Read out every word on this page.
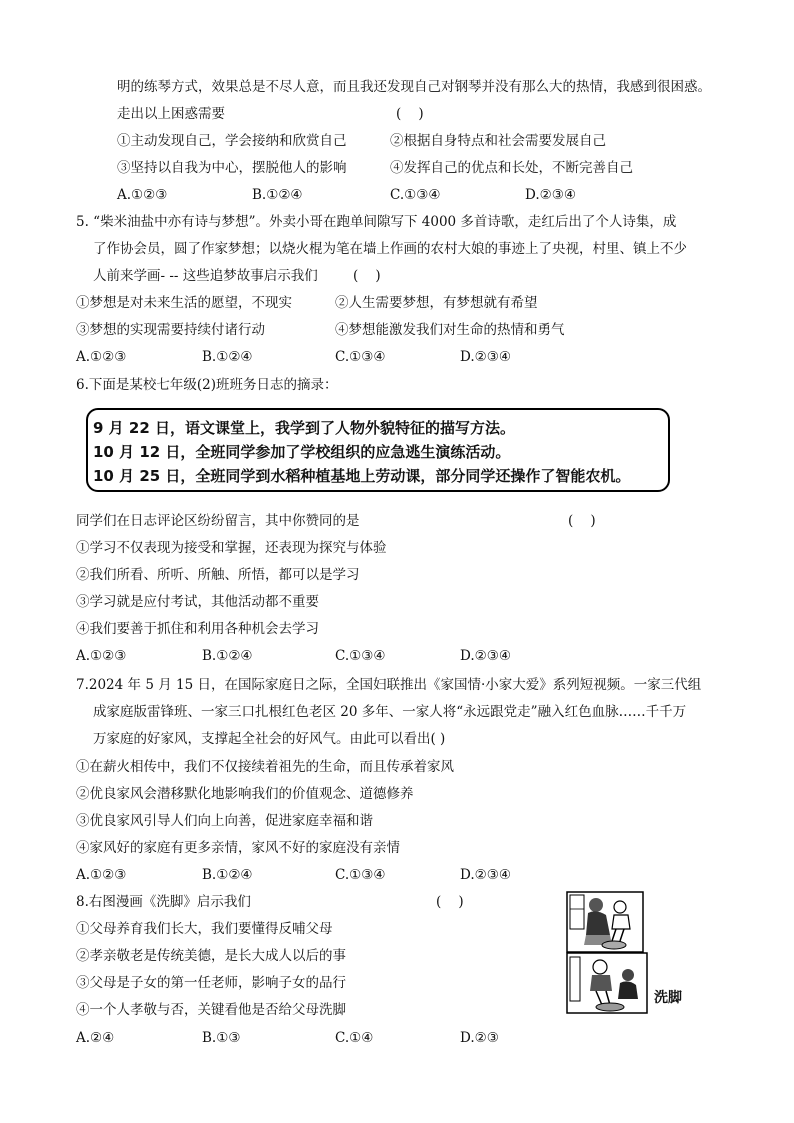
明的练琴方式，效果总是不尽人意，而且我还发现自己对钢琴并没有那么大的热情，我感到很困惑。
走出以上困惑需要	(    )
①主动发现自己，学会接纳和欣赏自己	②根据自身特点和社会需要发展自己
③坚持以自我为中心，摆脱他人的影响	④发挥自己的优点和长处，不断完善自己
A.①②③	B.①②④	C.①③④	D.②③④
5. “柴米油盐中亦有诗与梦想”。外卖小哥在跑单间隙写下 4000 多首诗歌，走红后出了个人诗集，成
了作协会员，圆了作家梦想；以烧火棍为笔在墙上作画的农村大娘的事迹上了央视，村里、镇上不少
人前来学画- -- 这些追梦故事启示我们	(    )
①梦想是对未来生活的愿望，不现实	②人生需要梦想，有梦想就有希望
③梦想的实现需要持续付诸行动	④梦想能激发我们对生命的热情和勇气
A.①②③	B.①②④	C.①③④	D.②③④
6.下面是某校七年级(2)班班务日志的摘录：
9 月 22 日，语文课堂上，我学到了人物外貌特征的描写方法。
10 月 12 日，全班同学参加了学校组织的应急逃生演练活动。
10 月 25 日，全班同学到水稻种植基地上劳动课，部分同学还操作了智能农机。
同学们在日志评论区纷纷留言，其中你赞同的是	(    )
①学习不仅表现为接受和掌握，还表现为探究与体验
②我们所看、所听、所触、所悟，都可以是学习
③学习就是应付考试，其他活动都不重要
④我们要善于抓住和利用各种机会去学习
A.①②③	B.①②④	C.①③④	D.②③④
7.2024 年 5 月 15 日，在国际家庭日之际，全国妇联推出《家国情·小家大爱》系列短视频。一家三代组
成家庭版雷锋班、一家三口扎根红色老区 20 多年、一家人将“永远跟党走”融入红色血脉……千千万
万家庭的好家风，支撑起全社会的好风气。由此可以看出( )
①在薪火相传中，我们不仅接续着祖先的生命，而且传承着家风
②优良家风会潜移默化地影响我们的价值观念、道德修养
③优良家风引导人们向上向善，促进家庭幸福和谐
④家风好的家庭有更多亲情，家风不好的家庭没有亲情
A.①②③	B.①②④	C.①③④	D.②③④
8.右图漫画《洗脚》启示我们	(    )
①父母养育我们长大，我们要懂得反哺父母
②孝亲敬老是传统美德，是长大成人以后的事
③父母是子女的第一任老师，影响子女的品行
④一个人孝敬与否，关键看他是否给父母洗脚
A.②④	B.①③	C.①④	D.②③
洗脚
